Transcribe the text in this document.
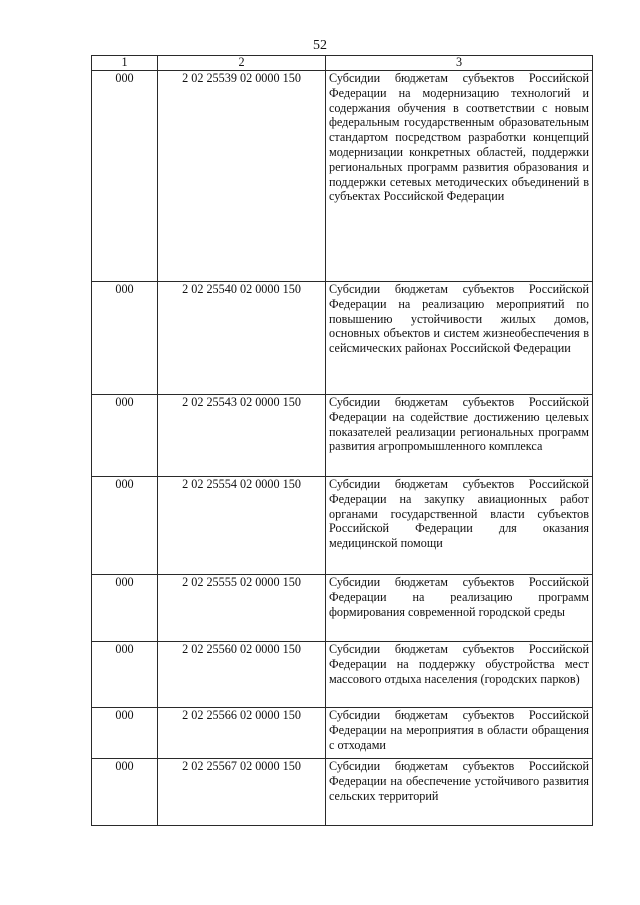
52
1	2	3
000	2 02 25539 02 0000 150	Субсидии бюджетам субъектов Российской Федерации на модернизацию технологий и содержания обучения в соответствии с новым федеральным государственным образовательным стандартом посредством разработки концепций модернизации конкретных областей, поддержки региональных программ развития образования и поддержки сетевых методических объединений в субъектах Российской Федерации
000	2 02 25540 02 0000 150	Субсидии бюджетам субъектов Российской Федерации на реализацию мероприятий по повышению устойчивости жилых домов, основных объектов и систем жизнеобеспечения в сейсмических районах Российской Федерации
000	2 02 25543 02 0000 150	Субсидии бюджетам субъектов Российской Федерации на содействие достижению целевых показателей реализации региональных программ развития агропромышленного комплекса
000	2 02 25554 02 0000 150	Субсидии бюджетам субъектов Российской Федерации на закупку авиационных работ органами государственной власти субъектов Российской Федерации для оказания медицинской помощи
000	2 02 25555 02 0000 150	Субсидии бюджетам субъектов Российской Федерации на реализацию программ формирования современной городской среды
000	2 02 25560 02 0000 150	Субсидии бюджетам субъектов Российской Федерации на поддержку обустройства мест массового отдыха населения (городских парков)
000	2 02 25566 02 0000 150	Субсидии бюджетам субъектов Российской Федерации на мероприятия в области обращения с отходами
000	2 02 25567 02 0000 150	Субсидии бюджетам субъектов Российской Федерации на обеспечение устойчивого развития сельских территорий
